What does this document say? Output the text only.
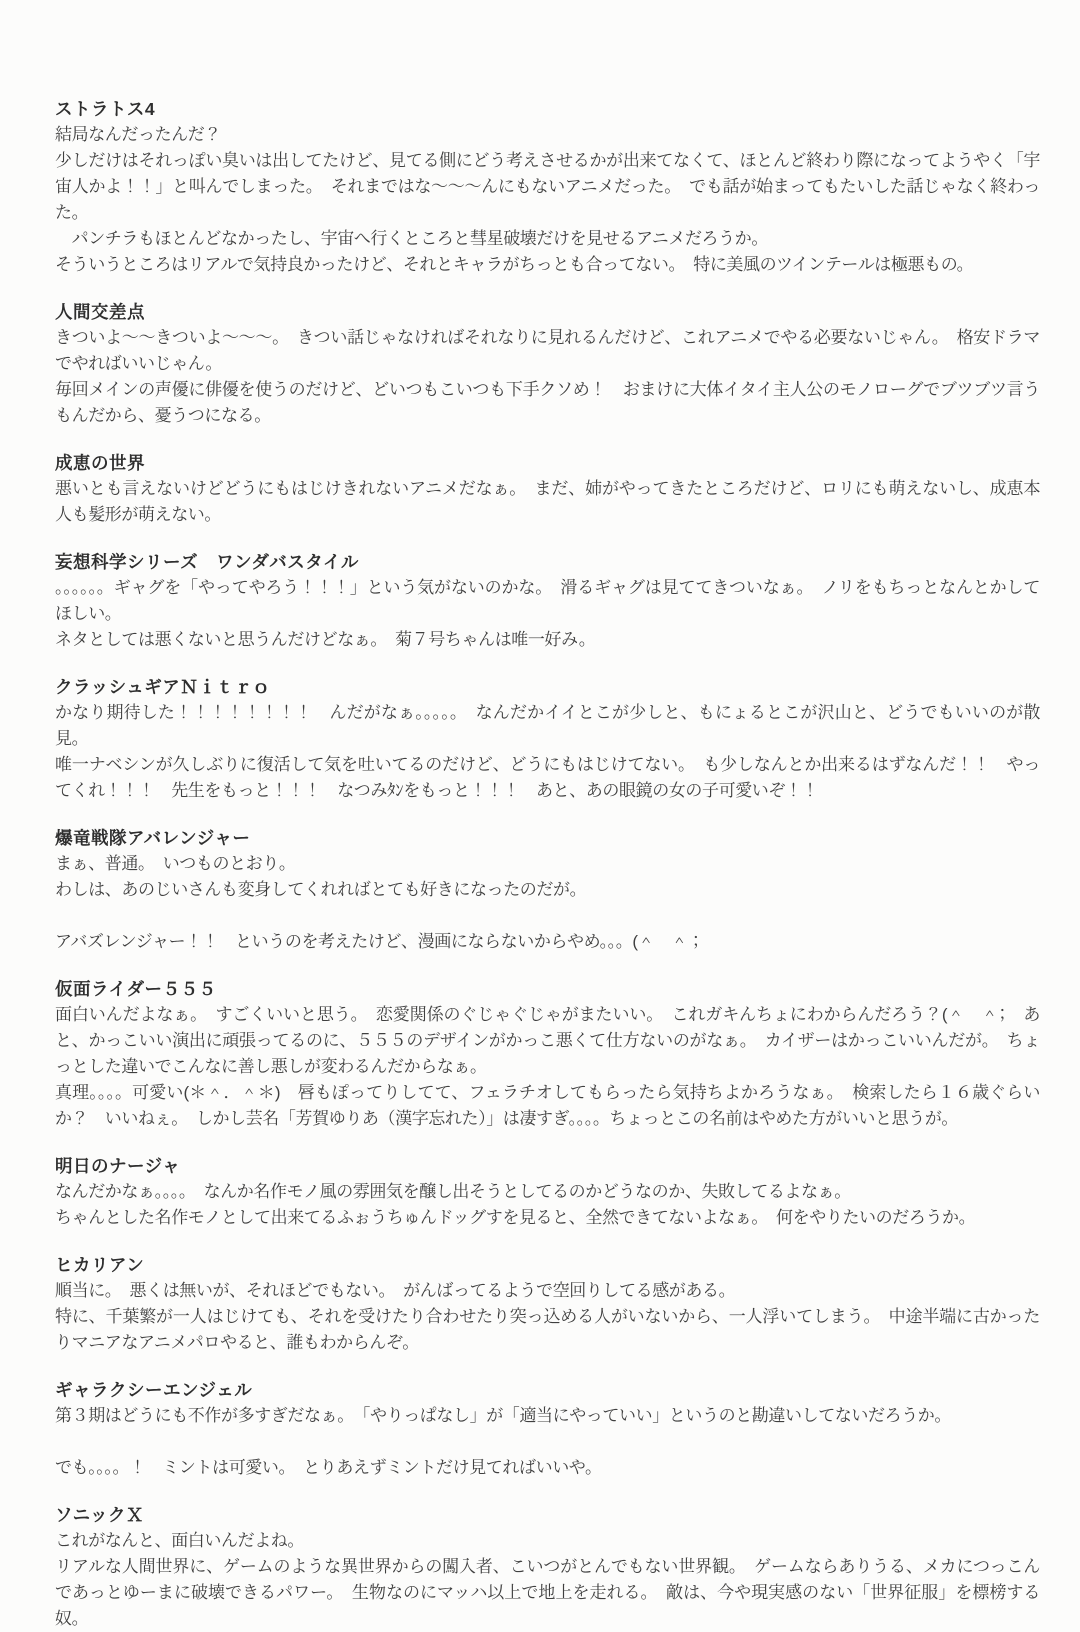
ストラトス4

結局なんだったんだ？

少しだけはそれっぽい臭いは出してたけど、見てる側にどう考えさせるかが出来てなくて、ほとんど終わり際になってようやく「宇宙人かよ！！」と叫んでしまった。　それまではな～～～んにもないアニメだった。　でも話が始まってもたいした話じゃなく終わった。

　パンチラもほとんどなかったし、宇宙へ行くところと彗星破壊だけを見せるアニメだろうか。

そういうところはリアルで気持良かったけど、それとキャラがちっとも合ってない。　特に美風のツインテールは極悪もの。

人間交差点

きついよ～～きついよ～～～。　きつい話じゃなければそれなりに見れるんだけど、これアニメでやる必要ないじゃん。　格安ドラマでやればいいじゃん。

毎回メインの声優に俳優を使うのだけど、どいつもこいつも下手クソめ！　おまけに大体イタイ主人公のモノローグでブツブツ言うもんだから、憂うつになる。

成恵の世界

悪いとも言えないけどどうにもはじけきれないアニメだなぁ。　まだ、姉がやってきたところだけど、ロリにも萌えないし、成恵本人も髪形が萌えない。

妄想科学シリーズ　ワンダバスタイル

。。。。。。ギャグを「やってやろう！！！」という気がないのかな。　滑るギャグは見ててきついなぁ。　ノリをもちっとなんとかしてほしい。

ネタとしては悪くないと思うんだけどなぁ。　菊７号ちゃんは唯一好み。

クラッシュギアＮｉｔｒｏ

かなり期待した！！！！！！！！　んだがなぁ。。。。。　なんだかイイとこが少しと、もにょるとこが沢山と、どうでもいいのが散見。

唯一ナベシンが久しぶりに復活して気を吐いてるのだけど、どうにもはじけてない。　も少しなんとか出来るはずなんだ！！　やってくれ！！！　先生をもっと！！！　なつみﾀﾝをもっと！！！　あと、あの眼鏡の女の子可愛いぞ！！

爆竜戦隊アバレンジャー

まぁ、普通。　いつものとおり。

わしは、あのじいさんも変身してくれればとても好きになったのだが。

アバズレンジャー！！　というのを考えたけど、漫画にならないからやめ。。。(＾　＾；

仮面ライダー５５５

面白いんだよなぁ。　すごくいいと思う。　恋愛関係のぐじゃぐじゃがまたいい。　これガキんちょにわからんだろう？(＾　＾；　あと、かっこいい演出に頑張ってるのに、５５５のデザインがかっこ悪くて仕方ないのがなぁ。　カイザーはかっこいいんだが。　ちょっとした違いでこんなに善し悪しが変わるんだからなぁ。

真理。。。。可愛い(＊＾．＾＊)　唇もぽってりしてて、フェラチオしてもらったら気持ちよかろうなぁ。　検索したら１６歳ぐらいか？　いいねぇ。　しかし芸名「芳賀ゆりあ（漢字忘れた）」は凄すぎ。。。。ちょっとこの名前はやめた方がいいと思うが。

明日のナージャ

なんだかなぁ。。。。　なんか名作モノ風の雰囲気を醸し出そうとしてるのかどうなのか、失敗してるよなぁ。

ちゃんとした名作モノとして出来てるふぉうちゅんドッグすを見ると、全然できてないよなぁ。　何をやりたいのだろうか。

ヒカリアン

順当に。　悪くは無いが、それほどでもない。　がんばってるようで空回りしてる感がある。

特に、千葉繁が一人はじけても、それを受けたり合わせたり突っ込める人がいないから、一人浮いてしまう。　中途半端に古かったりマニアなアニメパロやると、誰もわからんぞ。

ギャラクシーエンジェル

第３期はどうにも不作が多すぎだなぁ。　「やりっぱなし」が「適当にやっていい」というのと勘違いしてないだろうか。

でも。。。。！　ミントは可愛い。　とりあえずミントだけ見てればいいや。

ソニックＸ

これがなんと、面白いんだよね。

リアルな人間世界に、ゲームのような異世界からの闖入者、こいつがとんでもない世界観。　ゲームならありうる、メカにつっこんであっとゆーまに破壊できるパワー。　生物なのにマッハ以上で地上を走れる。　敵は、今や現実感のない「世界征服」を標榜する奴。
